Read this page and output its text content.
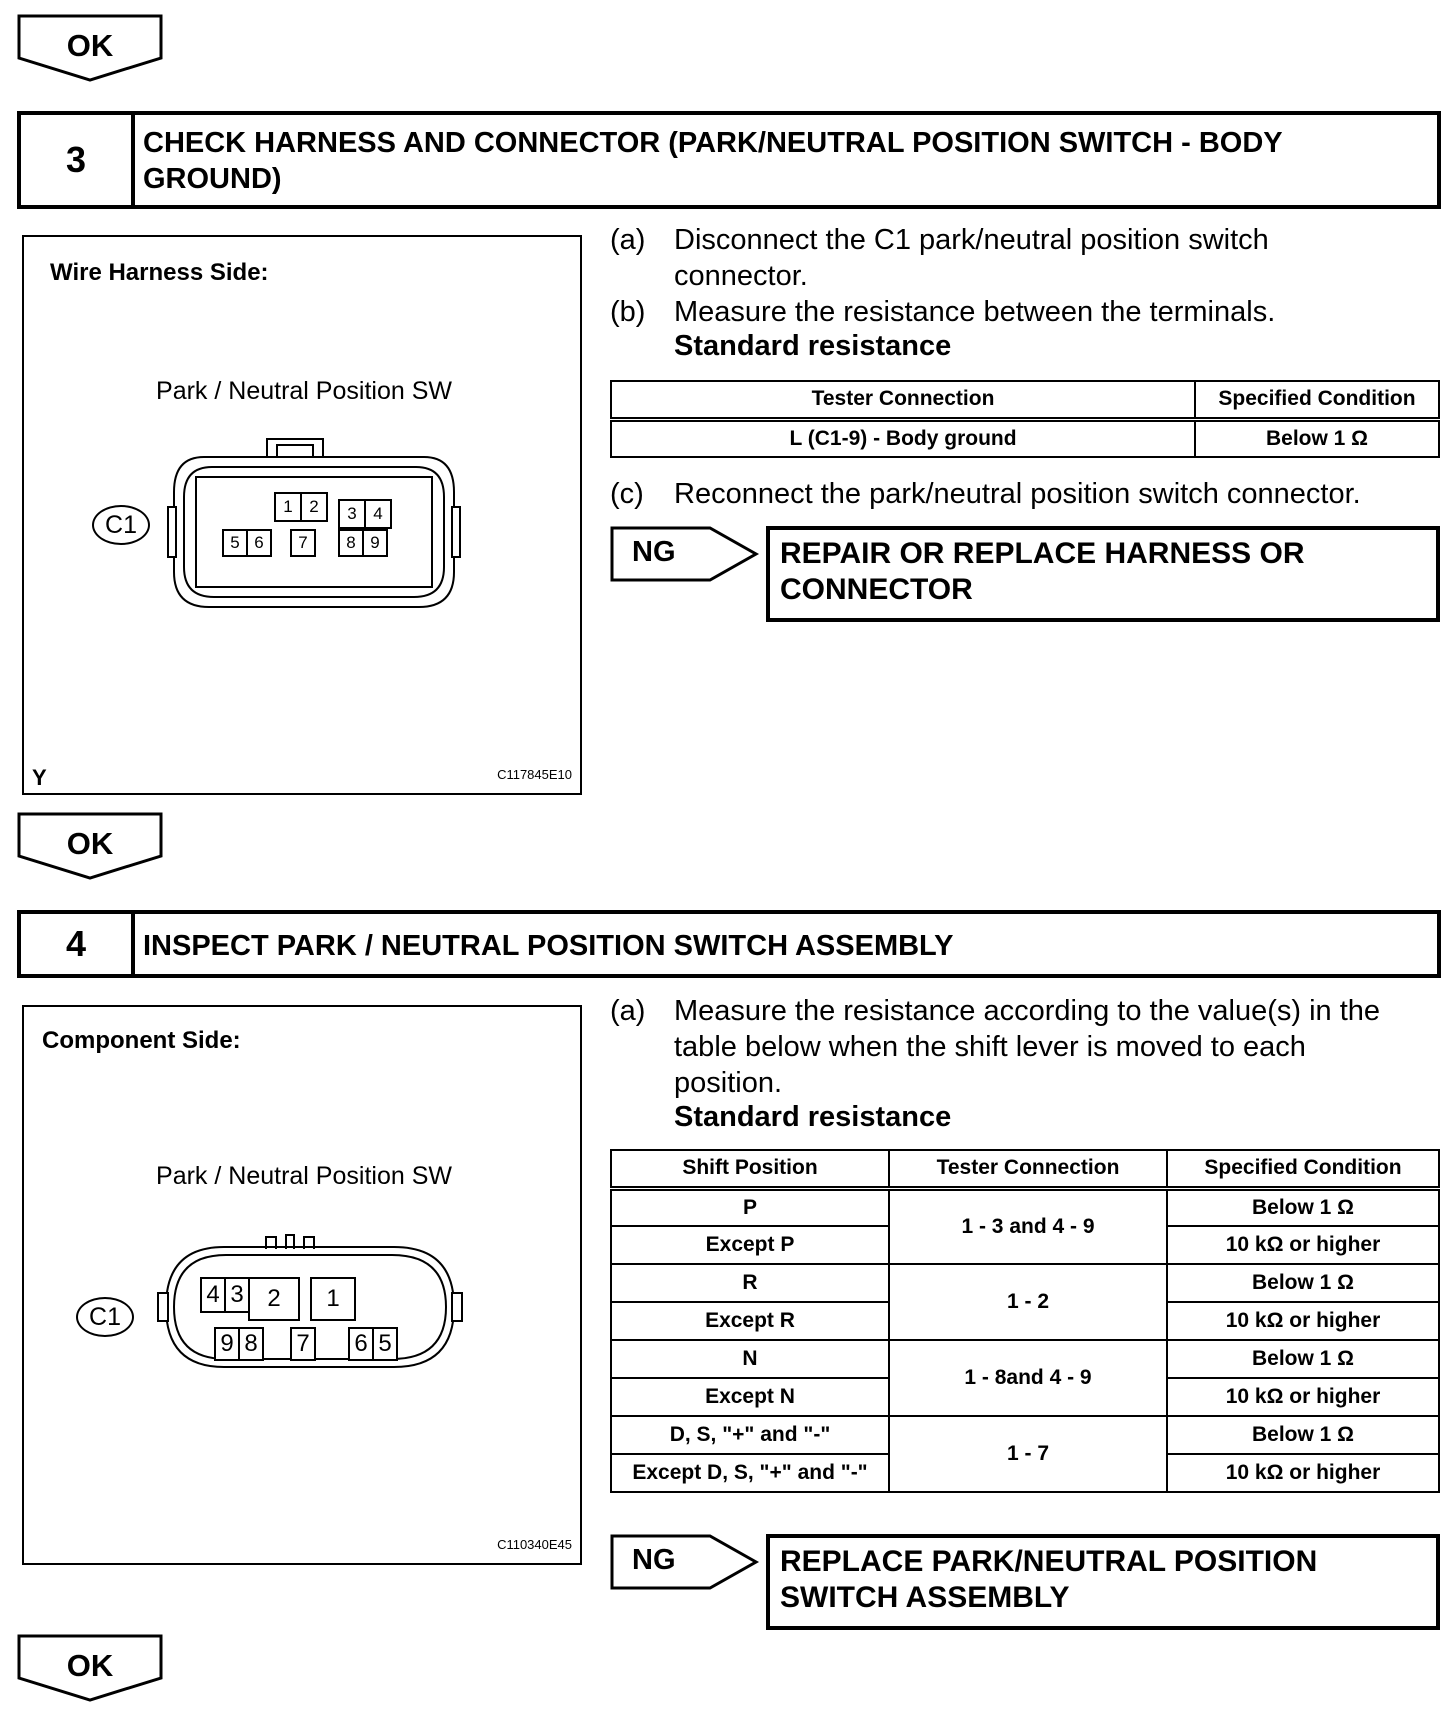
OK
3	CHECK HARNESS AND CONNECTOR (PARK/NEUTRAL POSITION SWITCH - BODY
GROUND)
Wire Harness Side:
Park / Neutral Position SW
C1
1 2	3 4
5 6	7	8 9
Y	C117845E10
(a) Disconnect the C1 park/neutral position switch
connector.
(b) Measure the resistance between the terminals.
Standard resistance
Tester Connection	Specified Condition
L (C1-9) - Body ground	Below 1 Ω
(c) Reconnect the park/neutral position switch connector.
NG	REPAIR OR REPLACE HARNESS OR
CONNECTOR
OK
4	INSPECT PARK / NEUTRAL POSITION SWITCH ASSEMBLY
Component Side:
Park / Neutral Position SW
C1
4 3 2	1
9 8 7 6 5
C110340E45
(a) Measure the resistance according to the value(s) in the
table below when the shift lever is moved to each
position.
Standard resistance
Shift Position	Tester Connection	Specified Condition
P	1 - 3 and 4 - 9	Below 1 Ω
Except P		10 kΩ or higher
R	1 - 2	Below 1 Ω
Except R		10 kΩ or higher
N	1 - 8and 4 - 9	Below 1 Ω
Except N		10 kΩ or higher
D, S, "+" and "-"	1 - 7	Below 1 Ω
Except D, S, "+" and "-"		10 kΩ or higher
NG	REPLACE PARK/NEUTRAL POSITION
SWITCH ASSEMBLY
OK
